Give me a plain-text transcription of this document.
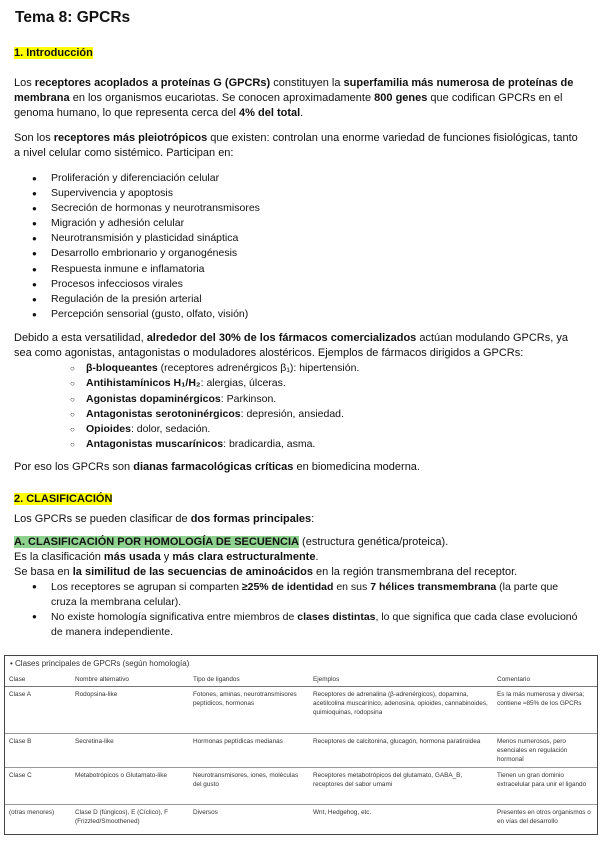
Tema 8: GPCRs
1. Introducción
Los receptores acoplados a proteínas G (GPCRs) constituyen la superfamilia más numerosa de proteínas de membrana en los organismos eucariotas. Se conocen aproximadamente 800 genes que codifican GPCRs en el genoma humano, lo que representa cerca del 4% del total.
Son los receptores más pleiotrópicos que existen: controlan una enorme variedad de funciones fisiológicas, tanto a nivel celular como sistémico. Participan en:
● Proliferación y diferenciación celular
● Supervivencia y apoptosis
● Secreción de hormonas y neurotransmisores
● Migración y adhesión celular
● Neurotransmisión y plasticidad sináptica
● Desarrollo embrionario y organogénesis
● Respuesta inmune e inflamatoria
● Procesos infecciosos virales
● Regulación de la presión arterial
● Percepción sensorial (gusto, olfato, visión)
Debido a esta versatilidad, alrededor del 30% de los fármacos comercializados actúan modulando GPCRs, ya sea como agonistas, antagonistas o moduladores alostéricos. Ejemplos de fármacos dirigidos a GPCRs:
○ β-bloqueantes (receptores adrenérgicos β₁): hipertensión.
○ Antihistamínicos H₁/H₂: alergias, úlceras.
○ Agonistas dopaminérgicos: Parkinson.
○ Antagonistas serotoninérgicos: depresión, ansiedad.
○ Opioides: dolor, sedación.
○ Antagonistas muscarínicos: bradicardia, asma.
Por eso los GPCRs son dianas farmacológicas críticas en biomedicina moderna.
2. CLASIFICACIÓN
Los GPCRs se pueden clasificar de dos formas principales:
A. CLASIFICACIÓN POR HOMOLOGÍA DE SECUENCIA (estructura genética/proteica).
Es la clasificación más usada y más clara estructuralmente.
Se basa en la similitud de las secuencias de aminoácidos en la región transmembrana del receptor.
● Los receptores se agrupan si comparten ≥25% de identidad en sus 7 hélices transmembrana (la parte que cruza la membrana celular).
● No existe homología significativa entre miembros de clases distintas, lo que significa que cada clase evolucionó de manera independiente.
• Clases principales de GPCRs (según homología)
Clase	Nombre alternativo	Tipo de ligandos	Ejemplos	Comentario
Clase A	Rodopsina-like	Fotones, aminas, neurotransmisores peptídicos, hormonas	Receptores de adrenalina (β-adrenérgicos), dopamina, acetilcolina muscarínico, adenosina, opioides, cannabinoides, quimioquinas, rodopsina	Es la más numerosa y diversa; contiene ≈85% de los GPCRs
Clase B	Secretina-like	Hormonas peptídicas medianas	Receptores de calcitonina, glucagón, hormona paratiroidea	Menos numerosos, pero esenciales en regulación hormonal
Clase C	Metabotrópicos o Glutamato-like	Neurotransmisores, iones, moléculas del gusto	Receptores metabotrópicos del glutamato, GABA_B, receptores del sabor umami	Tienen un gran dominio extracelular para unir el ligando
(otras menores)	Clase D (fúngicos), E (Cíclico), F (Frizzled/Smoothened)	Diversos	Wnt, Hedgehog, etc.	Presentes en otros organismos o en vías del desarrollo
